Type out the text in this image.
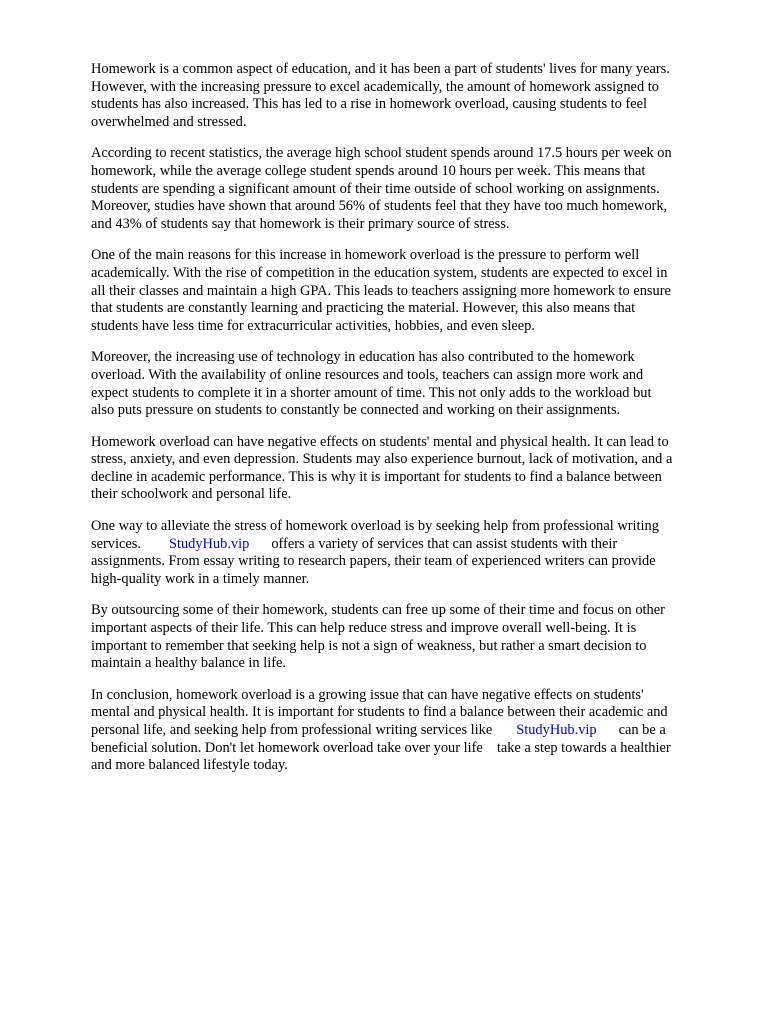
Homework is a common aspect of education, and it has been a part of students' lives for many years.
However, with the increasing pressure to excel academically, the amount of homework assigned to
students has also increased. This has led to a rise in homework overload, causing students to feel
overwhelmed and stressed.

According to recent statistics, the average high school student spends around 17.5 hours per week on
homework, while the average college student spends around 10 hours per week. This means that
students are spending a significant amount of their time outside of school working on assignments.
Moreover, studies have shown that around 56% of students feel that they have too much homework,
and 43% of students say that homework is their primary source of stress.

One of the main reasons for this increase in homework overload is the pressure to perform well
academically. With the rise of competition in the education system, students are expected to excel in
all their classes and maintain a high GPA. This leads to teachers assigning more homework to ensure
that students are constantly learning and practicing the material. However, this also means that
students have less time for extracurricular activities, hobbies, and even sleep.

Moreover, the increasing use of technology in education has also contributed to the homework
overload. With the availability of online resources and tools, teachers can assign more work and
expect students to complete it in a shorter amount of time. This not only adds to the workload but
also puts pressure on students to constantly be connected and working on their assignments.

Homework overload can have negative effects on students' mental and physical health. It can lead to
stress, anxiety, and even depression. Students may also experience burnout, lack of motivation, and a
decline in academic performance. This is why it is important for students to find a balance between
their schoolwork and personal life.

One way to alleviate the stress of homework overload is by seeking help from professional writing
services. StudyHub.vip offers a variety of services that can assist students with their
assignments. From essay writing to research papers, their team of experienced writers can provide
high-quality work in a timely manner.

By outsourcing some of their homework, students can free up some of their time and focus on other
important aspects of their life. This can help reduce stress and improve overall well-being. It is
important to remember that seeking help is not a sign of weakness, but rather a smart decision to
maintain a healthy balance in life.

In conclusion, homework overload is a growing issue that can have negative effects on students'
mental and physical health. It is important for students to find a balance between their academic and
personal life, and seeking help from professional writing services like StudyHub.vip can be a
beneficial solution. Don't let homework overload take over your life take a step towards a healthier
and more balanced lifestyle today.
